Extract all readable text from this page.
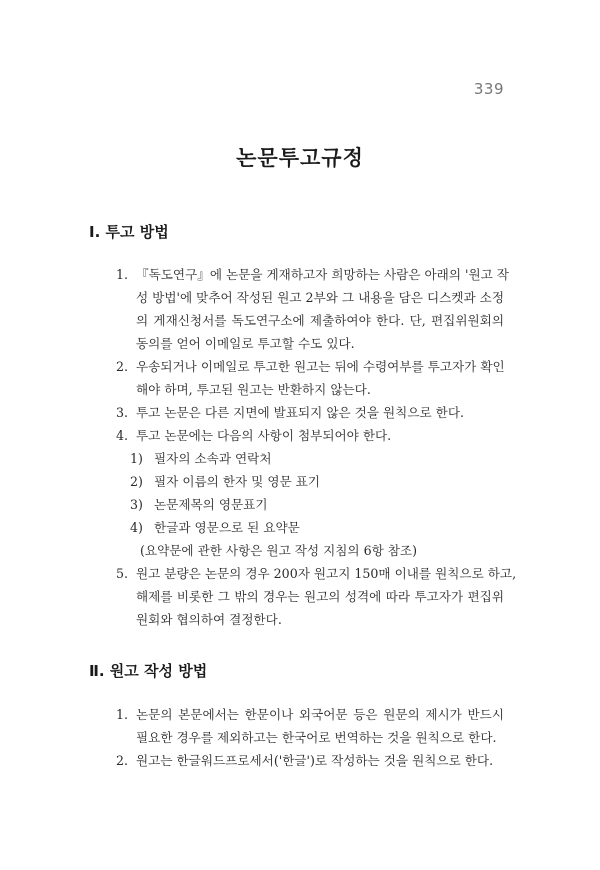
339
논문투고규정
Ⅰ. 투고 방법
1. 『독도연구』에 논문을 게재하고자 희망하는 사람은 아래의 '원고 작
성 방법'에 맞추어 작성된 원고 2부와 그 내용을 담은 디스켓과 소정
의 게재신청서를 독도연구소에 제출하여야 한다. 단, 편집위원회의
동의를 얻어 이메일로 투고할 수도 있다.
2. 우송되거나 이메일로 투고한 원고는 뒤에 수령여부를 투고자가 확인
해야 하며, 투고된 원고는 반환하지 않는다.
3. 투고 논문은 다른 지면에 발표되지 않은 것을 원칙으로 한다.
4. 투고 논문에는 다음의 사항이 첨부되어야 한다.
1) 필자의 소속과 연락처
2) 필자 이름의 한자 및 영문 표기
3) 논문제목의 영문표기
4) 한글과 영문으로 된 요약문
(요약문에 관한 사항은 원고 작성 지침의 6항 참조)
5. 원고 분량은 논문의 경우 200자 원고지 150매 이내를 원칙으로 하고,
해제를 비롯한 그 밖의 경우는 원고의 성격에 따라 투고자가 편집위
원회와 협의하여 결정한다.
Ⅱ. 원고 작성 방법
1. 논문의 본문에서는 한문이나 외국어문 등은 원문의 제시가 반드시
필요한 경우를 제외하고는 한국어로 번역하는 것을 원칙으로 한다.
2. 원고는 한글워드프로세서('한글')로 작성하는 것을 원칙으로 한다.
